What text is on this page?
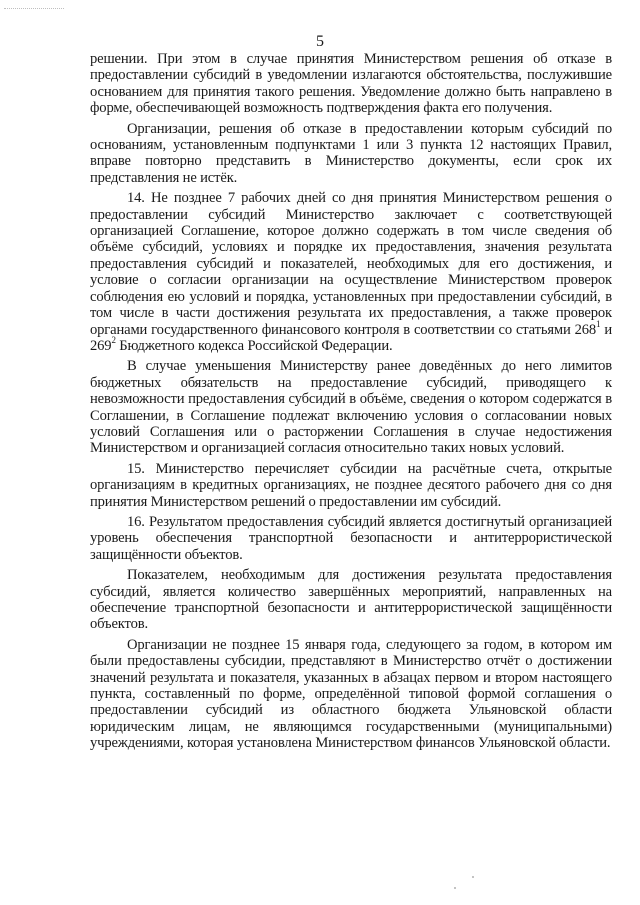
5

решении. При этом в случае принятия Министерством решения об отказе в предоставлении субсидий в уведомлении излагаются обстоятельства, послужившие основанием для принятия такого решения. Уведомление должно быть направлено в форме, обеспечивающей возможность подтверждения факта его получения.

Организации, решения об отказе в предоставлении которым субсидий по основаниям, установленным подпунктами 1 или 3 пункта 12 настоящих Правил, вправе повторно представить в Министерство документы, если срок их представления не истёк.

14. Не позднее 7 рабочих дней со дня принятия Министерством решения о предоставлении субсидий Министерство заключает с соответствующей организацией Соглашение, которое должно содержать в том числе сведения об объёме субсидий, условиях и порядке их предоставления, значения результата предоставления субсидий и показателей, необходимых для его достижения, и условие о согласии организации на осуществление Министерством проверок соблюдения ею условий и порядка, установленных при предоставлении субсидий, в том числе в части достижения результата их предоставления, а также проверок органами государственного финансового контроля в соответствии со статьями $268^1$ и $269^2$ Бюджетного кодекса Российской Федерации.

В случае уменьшения Министерству ранее доведённых до него лимитов бюджетных обязательств на предоставление субсидий, приводящего к невозможности предоставления субсидий в объёме, сведения о котором содержатся в Соглашении, в Соглашение подлежат включению условия о согласовании новых условий Соглашения или о расторжении Соглашения в случае недостижения Министерством и организацией согласия относительно таких новых условий.

15. Министерство перечисляет субсидии на расчётные счета, открытые организациям в кредитных организациях, не позднее десятого рабочего дня со дня принятия Министерством решений о предоставлении им субсидий.

16. Результатом предоставления субсидий является достигнутый организацией уровень обеспечения транспортной безопасности и антитеррористической защищённости объектов.

Показателем, необходимым для достижения результата предоставления субсидий, является количество завершённых мероприятий, направленных на обеспечение транспортной безопасности и антитеррористической защищённости объектов.

Организации не позднее 15 января года, следующего за годом, в котором им были предоставлены субсидии, представляют в Министерство отчёт о достижении значений результата и показателя, указанных в абзацах первом и втором настоящего пункта, составленный по форме, определённой типовой формой соглашения о предоставлении субсидий из областного бюджета Ульяновской области юридическим лицам, не являющимся государственными (муниципальными) учреждениями, которая установлена Министерством финансов Ульяновской области.
